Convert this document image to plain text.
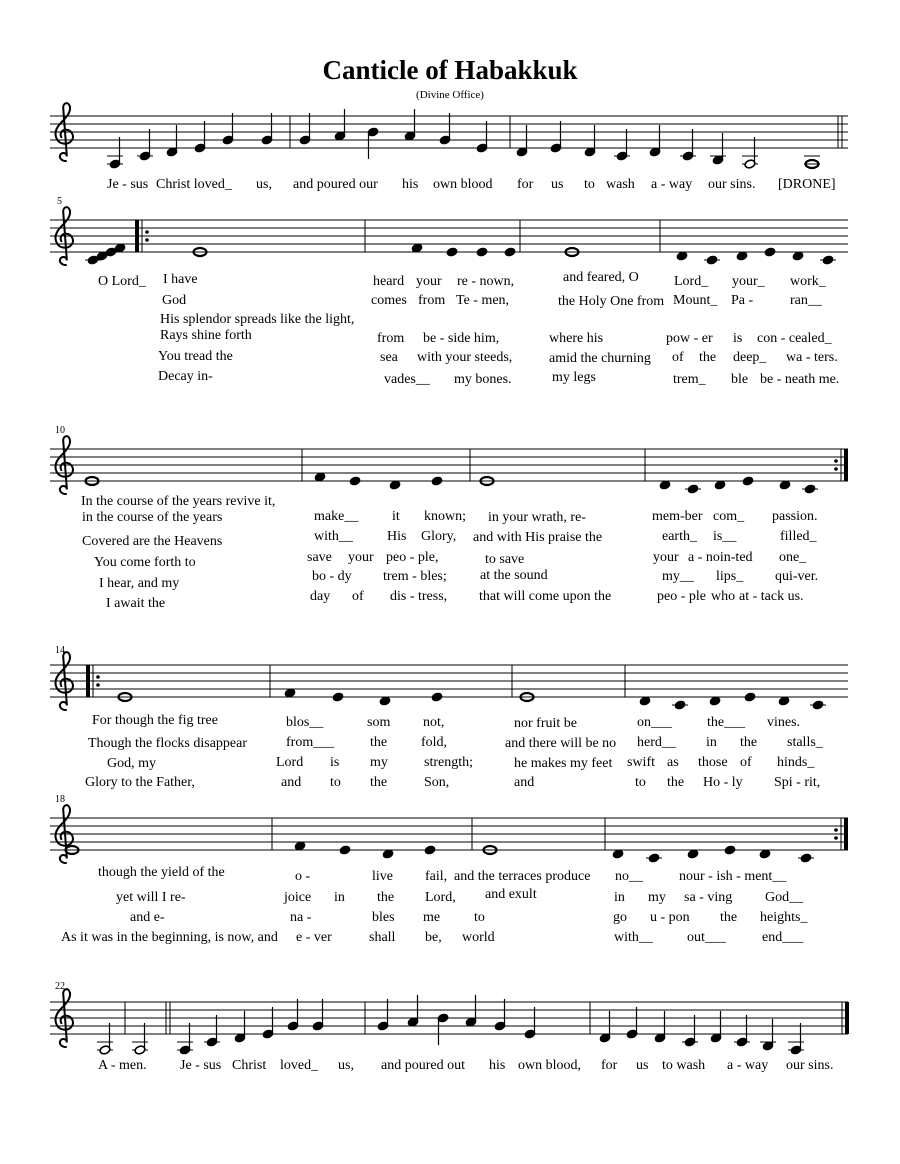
Canticle of Habakkuk
(Divine Office)
Je - sus Christ loved_ us, and poured our his own blood for us to wash a - way our sins. [DRONE]
5
O Lord_ I have	heard your re - nown,	and feared, O	Lord_ your_ work_
God	comes from Te - men,	the Holy One from Mount_ Pa -	ran__
His splendor spreads like the light,
Rays shine forth	from be - side him,	where his	pow - er is con - cealed_
You tread the	sea with your steeds,	amid the churning of the deep_ wa - ters.
Decay in-	vades__ my bones.	my legs	trem_ ble be - neath me.
10
In the course of the years revive it,
in the course of the years	make__ it known; in your wrath, re-	mem-ber com_ passion.
Covered are the Heavens	with__ His Glory, and with His praise the	earth_ is__	filled_
You come forth to	save your peo - ple,	to save	your a - noin-ted one_
I hear, and my	bo - dy trem - bles; at the sound	my__ lips_ qui-ver.
I await the	day of dis - tress, that will come upon the	peo - ple who at - tack us.
14
For though the fig tree	blos__	som not,	nor fruit be	on___	the___ vines.
Though the flocks disappear	from___	the fold,	and there will be no herd__ in the stalls_
God, my	Lord is my	strength;	he makes my feet swift as those of hinds_
Glory to the Father,	and to the	Son,	and	to the Ho - ly Spi - rit,
18
though the yield of the	o -	live fail, and the terraces produce no__	nour - ish - ment__
yet will I re-	joice in the Lord, and exult	in my sa - ving God__
and e-	na -	bles me to	go u - pon the heights_
As it was in the beginning, is now, and e - ver	shall be, world	with__ out___	end___
22
A - men. Je - sus Christ loved_ us, and poured out his own blood, for us to wash a - way our sins.
